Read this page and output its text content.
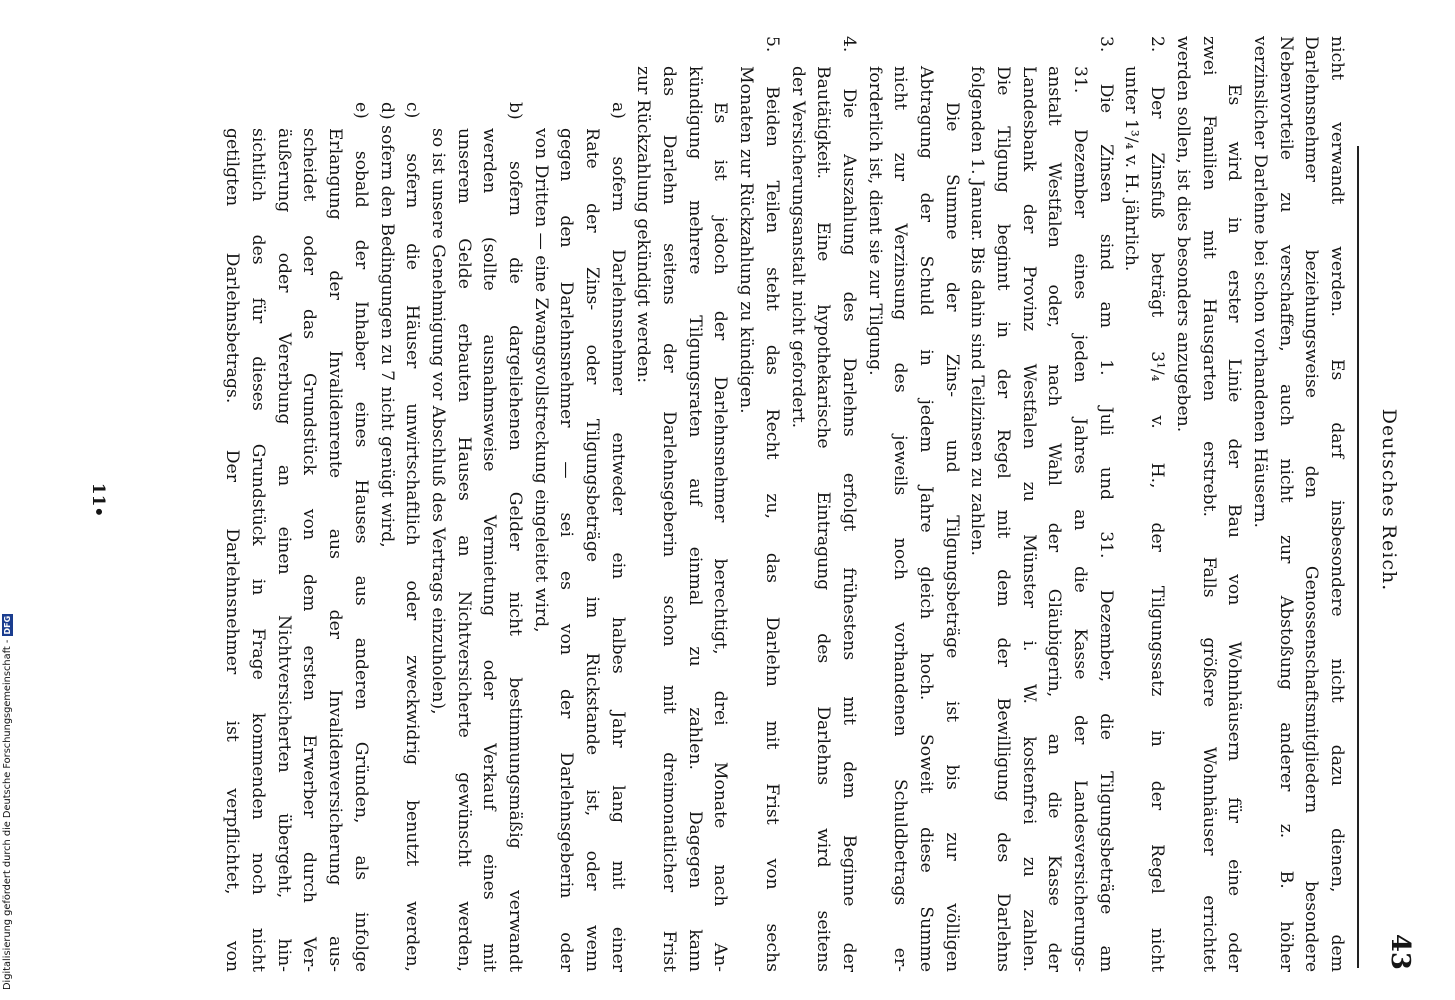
Deutsches Reich.
43
nicht verwandt werden. Es darf insbesondere nicht dazu dienen, dem
Darlehnsnehmer beziehungsweise den Genossenschaftsmitgliedern besondere
Nebenvorteile zu verschaffen, auch nicht zur Abstoßung anderer z. B. höher
verzinslicher Darlehne bei schon vorhandenen Häusern.
Es wird in erster Linie der Bau von Wohnhäusern für eine oder
zwei Familien mit Hausgarten erstrebt. Falls größere Wohnhäuser errichtet
werden sollen, ist dies besonders anzugeben.
2. Der Zinsfuß beträgt 3¹/₄ v. H., der Tilgungssatz in der Regel nicht
unter 1³/₄ v. H. jährlich.
3. Die Zinsen sind am 1. Juli und 31. Dezember, die Tilgungsbeträge am
31. Dezember eines jeden Jahres an die Kasse der Landesversicherungs-
anstalt Westfalen oder, nach Wahl der Gläubigerin, an die Kasse der
Landesbank der Provinz Westfalen zu Münster i. W. kostenfrei zu zahlen.
Die Tilgung beginnt in der Regel mit dem der Bewilligung des Darlehns
folgenden 1. Januar. Bis dahin sind Teilzinsen zu zahlen.
Die Summe der Zins- und Tilgungsbeträge ist bis zur völligen
Abtragung der Schuld in jedem Jahre gleich hoch. Soweit diese Summe
nicht zur Verzinsung des jeweils noch vorhandenen Schuldbetrags er-
forderlich ist, dient sie zur Tilgung.
4. Die Auszahlung des Darlehns erfolgt frühestens mit dem Beginne der
Bautätigkeit. Eine hypothekarische Eintragung des Darlehns wird seitens
der Versicherungsanstalt nicht gefordert.
5. Beiden Teilen steht das Recht zu, das Darlehn mit Frist von sechs
Monaten zur Rückzahlung zu kündigen.
Es ist jedoch der Darlehnsnehmer berechtigt, drei Monate nach An-
kündigung mehrere Tilgungsraten auf einmal zu zahlen. Dagegen kann
das Darlehn seitens der Darlehnsgeberin schon mit dreimonatlicher Frist
zur Rückzahlung gekündigt werden:
a) sofern Darlehnsnehmer entweder ein halbes Jahr lang mit einer
Rate der Zins- oder Tilgungsbeträge im Rückstande ist, oder wenn
gegen den Darlehnsnehmer — sei es von der Darlehnsgeberin oder
von Dritten — eine Zwangsvollstreckung eingeleitet wird,
b) sofern die dargeliehenen Gelder nicht bestimmungsmäßig verwandt
werden (sollte ausnahmsweise Vermietung oder Verkauf eines mit
unserem Gelde erbauten Hauses an Nichtversicherte gewünscht werden,
so ist unsere Genehmigung vor Abschluß des Vertrags einzuholen),
c) sofern die Häuser unwirtschaftlich oder zweckwidrig benutzt werden,
d) sofern den Bedingungen zu 7 nicht genügt wird,
e) sobald der Inhaber eines Hauses aus anderen Gründen, als infolge
Erlangung der Invalidenrente aus der Invalidenversicherung aus-
scheidet oder das Grundstück von dem ersten Erwerber durch Ver-
äußerung oder Vererbung an einen Nichtversicherten übergeht, hin-
sichtlich des für dieses Grundstück in Frage kommenden noch nicht
getilgten Darlehnsbetrags. Der Darlehnsnehmer ist verpflichtet, von
11•
Digitalisierung gefördert durch die Deutsche Forschungsgemeinschaft - DFG
